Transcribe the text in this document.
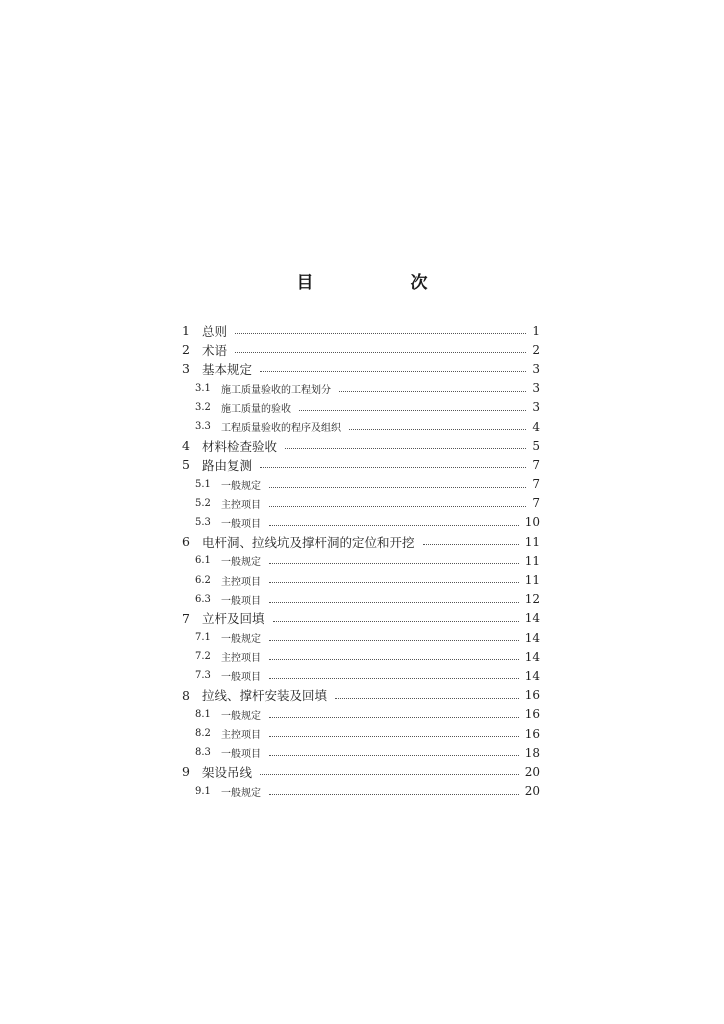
目　次
1 总则	1
2 术语	2
3 基本规定	3
3.1 施工质量验收的工程划分	3
3.2 施工质量的验收	3
3.3 工程质量验收的程序及组织	4
4 材料检查验收	5
5 路由复测	7
5.1 一般规定	7
5.2 主控项目	7
5.3 一般项目	10
6 电杆洞、拉线坑及撑杆洞的定位和开挖	11
6.1 一般规定	11
6.2 主控项目	11
6.3 一般项目	12
7 立杆及回填	14
7.1 一般规定	14
7.2 主控项目	14
7.3 一般项目	14
8 拉线、撑杆安装及回填	16
8.1 一般规定	16
8.2 主控项目	16
8.3 一般项目	18
9 架设吊线	20
9.1 一般规定	20
